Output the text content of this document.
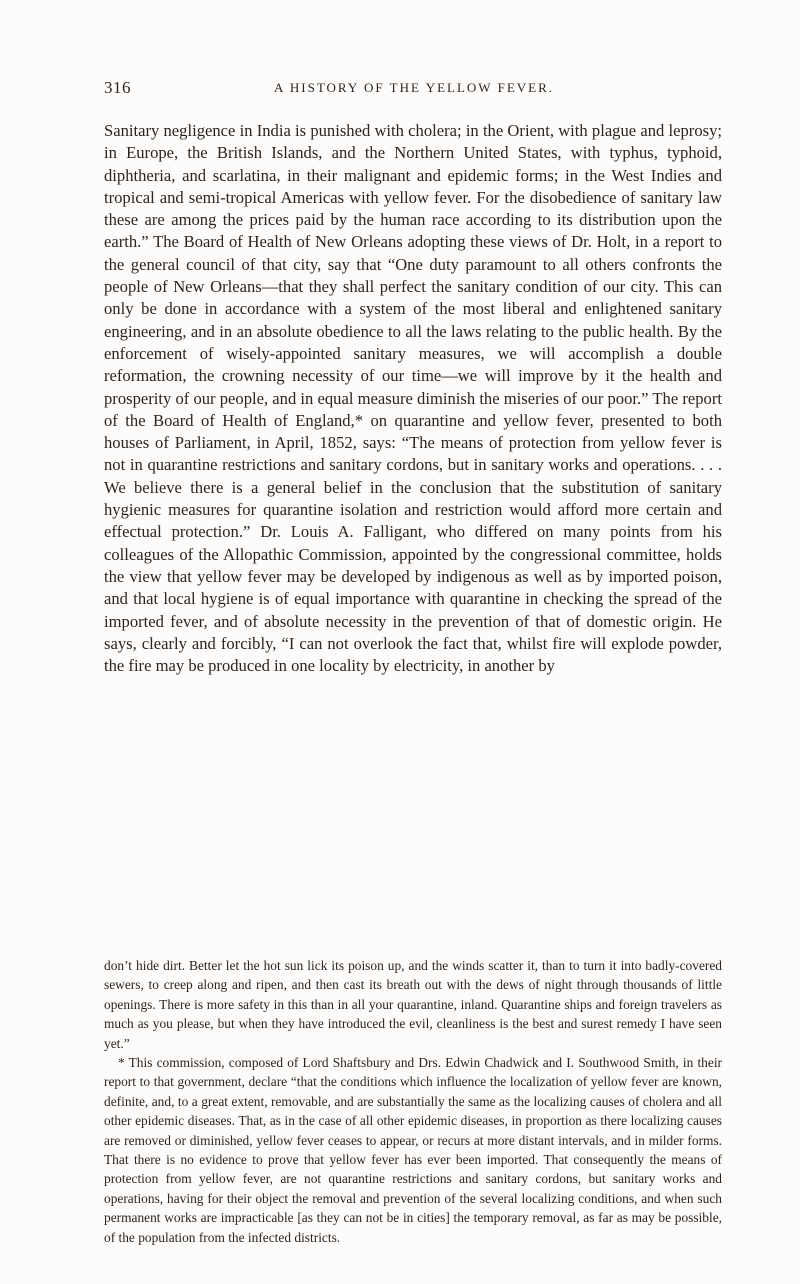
316	A HISTORY OF THE YELLOW FEVER.

Sanitary negligence in India is punished with cholera; in the Orient, with plague and leprosy; in Europe, the British Islands, and the Northern United States, with typhus, typhoid, diphtheria, and scarlatina, in their malignant and epidemic forms; in the West Indies and tropical and semi-tropical Americas with yellow fever. For the disobedience of sanitary law these are among the prices paid by the human race according to its distribution upon the earth.” The Board of Health of New Orleans adopting these views of Dr. Holt, in a report to the general council of that city, say that “One duty paramount to all others confronts the people of New Orleans—that they shall perfect the sanitary condition of our city. This can only be done in accordance with a system of the most liberal and enlightened sanitary engineering, and in an absolute obedience to all the laws relating to the public health. By the enforcement of wisely-appointed sanitary measures, we will accomplish a double reformation, the crowning necessity of our time—we will improve by it the health and prosperity of our people, and in equal measure diminish the miseries of our poor.” The report of the Board of Health of England,* on quarantine and yellow fever, presented to both houses of Parliament, in April, 1852, says: “The means of protection from yellow fever is not in quarantine restrictions and sanitary cordons, but in sanitary works and operations. . . . We believe there is a general belief in the conclusion that the substitution of sanitary hygienic measures for quarantine isolation and restriction would afford more certain and effectual protection.” Dr. Louis A. Falligant, who differed on many points from his colleagues of the Allopathic Commission, appointed by the congressional committee, holds the view that yellow fever may be developed by indigenous as well as by imported poison, and that local hygiene is of equal importance with quarantine in checking the spread of the imported fever, and of absolute necessity in the prevention of that of domestic origin. He says, clearly and forcibly, “I can not overlook the fact that, whilst fire will explode powder, the fire may be produced in one locality by electricity, in another by

don’t hide dirt. Better let the hot sun lick its poison up, and the winds scatter it, than to turn it into badly-covered sewers, to creep along and ripen, and then cast its breath out with the dews of night through thousands of little openings. There is more safety in this than in all your quarantine, inland. Quarantine ships and foreign travelers as much as you please, but when they have introduced the evil, cleanliness is the best and surest remedy I have seen yet.”

* This commission, composed of Lord Shaftsbury and Drs. Edwin Chadwick and I. Southwood Smith, in their report to that government, declare “that the conditions which influence the localization of yellow fever are known, definite, and, to a great extent, removable, and are substantially the same as the localizing causes of cholera and all other epidemic diseases. That, as in the case of all other epidemic diseases, in proportion as there localizing causes are removed or diminished, yellow fever ceases to appear, or recurs at more distant intervals, and in milder forms. That there is no evidence to prove that yellow fever has ever been imported. That consequently the means of protection from yellow fever, are not quarantine restrictions and sanitary cordons, but sanitary works and operations, having for their object the removal and prevention of the several localizing conditions, and when such permanent works are impracticable [as they can not be in cities] the temporary removal, as far as may be possible, of the population from the infected districts.
